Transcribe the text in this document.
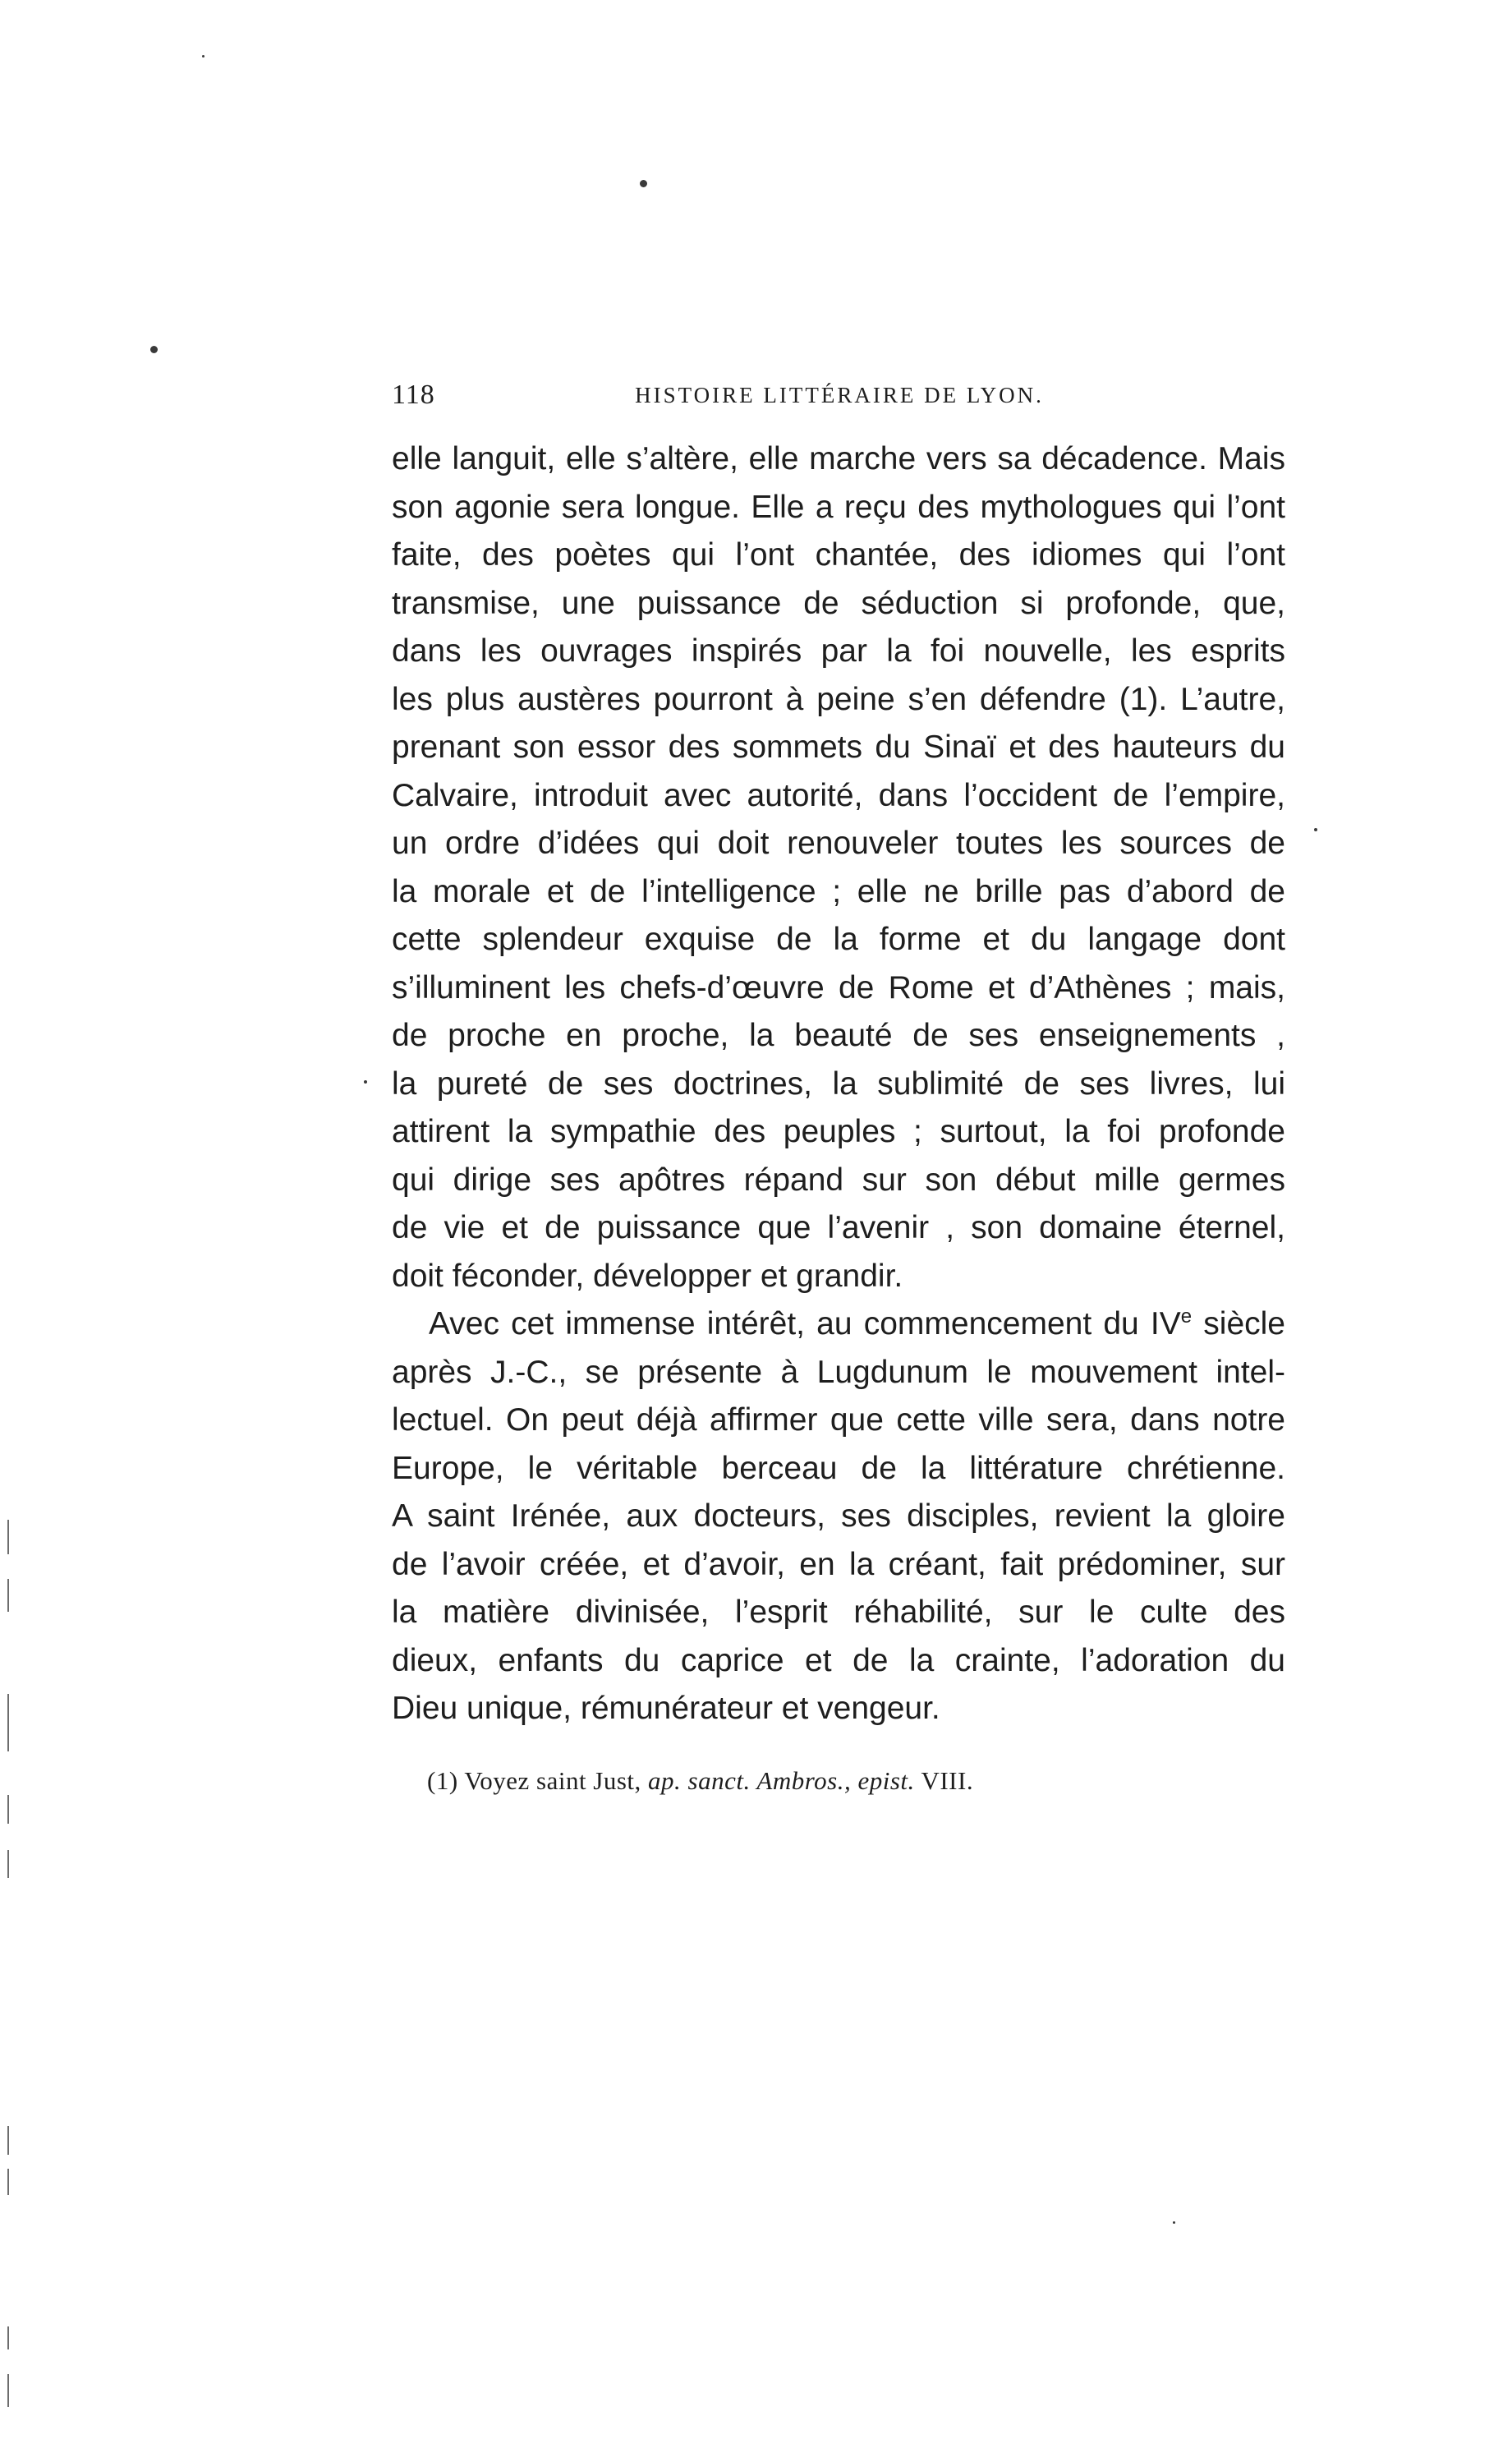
118	HISTOIRE LITTÉRAIRE DE LYON.
elle languit, elle s’altère, elle marche vers sa décadence. Mais
son agonie sera longue. Elle a reçu des mythologues qui l’ont
faite, des poètes qui l’ont chantée, des idiomes qui l’ont
transmise, une puissance de séduction si profonde, que,
dans les ouvrages inspirés par la foi nouvelle, les esprits
les plus austères pourront à peine s’en défendre (1). L’autre,
prenant son essor des sommets du Sinaï et des hauteurs du
Calvaire, introduit avec autorité, dans l’occident de l’empire,
un ordre d’idées qui doit renouveler toutes les sources de
la morale et de l’intelligence ; elle ne brille pas d’abord de
cette splendeur exquise de la forme et du langage dont
s’illuminent les chefs-d’œuvre de Rome et d’Athènes ; mais,
de proche en proche, la beauté de ses enseignements ,
la pureté de ses doctrines, la sublimité de ses livres, lui
attirent la sympathie des peuples ; surtout, la foi profonde
qui dirige ses apôtres répand sur son début mille germes
de vie et de puissance que l’avenir , son domaine éternel,
doit féconder, développer et grandir.
Avec cet immense intérêt, au commencement du IVe siècle
après J.-C., se présente à Lugdunum le mouvement intel-
lectuel. On peut déjà affirmer que cette ville sera, dans notre
Europe, le véritable berceau de la littérature chrétienne.
A saint Irénée, aux docteurs, ses disciples, revient la gloire
de l’avoir créée, et d’avoir, en la créant, fait prédominer, sur
la matière divinisée, l’esprit réhabilité, sur le culte des
dieux, enfants du caprice et de la crainte, l’adoration du
Dieu unique, rémunérateur et vengeur.
(1) Voyez saint Just, ap. sanct. Ambros., epist. VIII.
